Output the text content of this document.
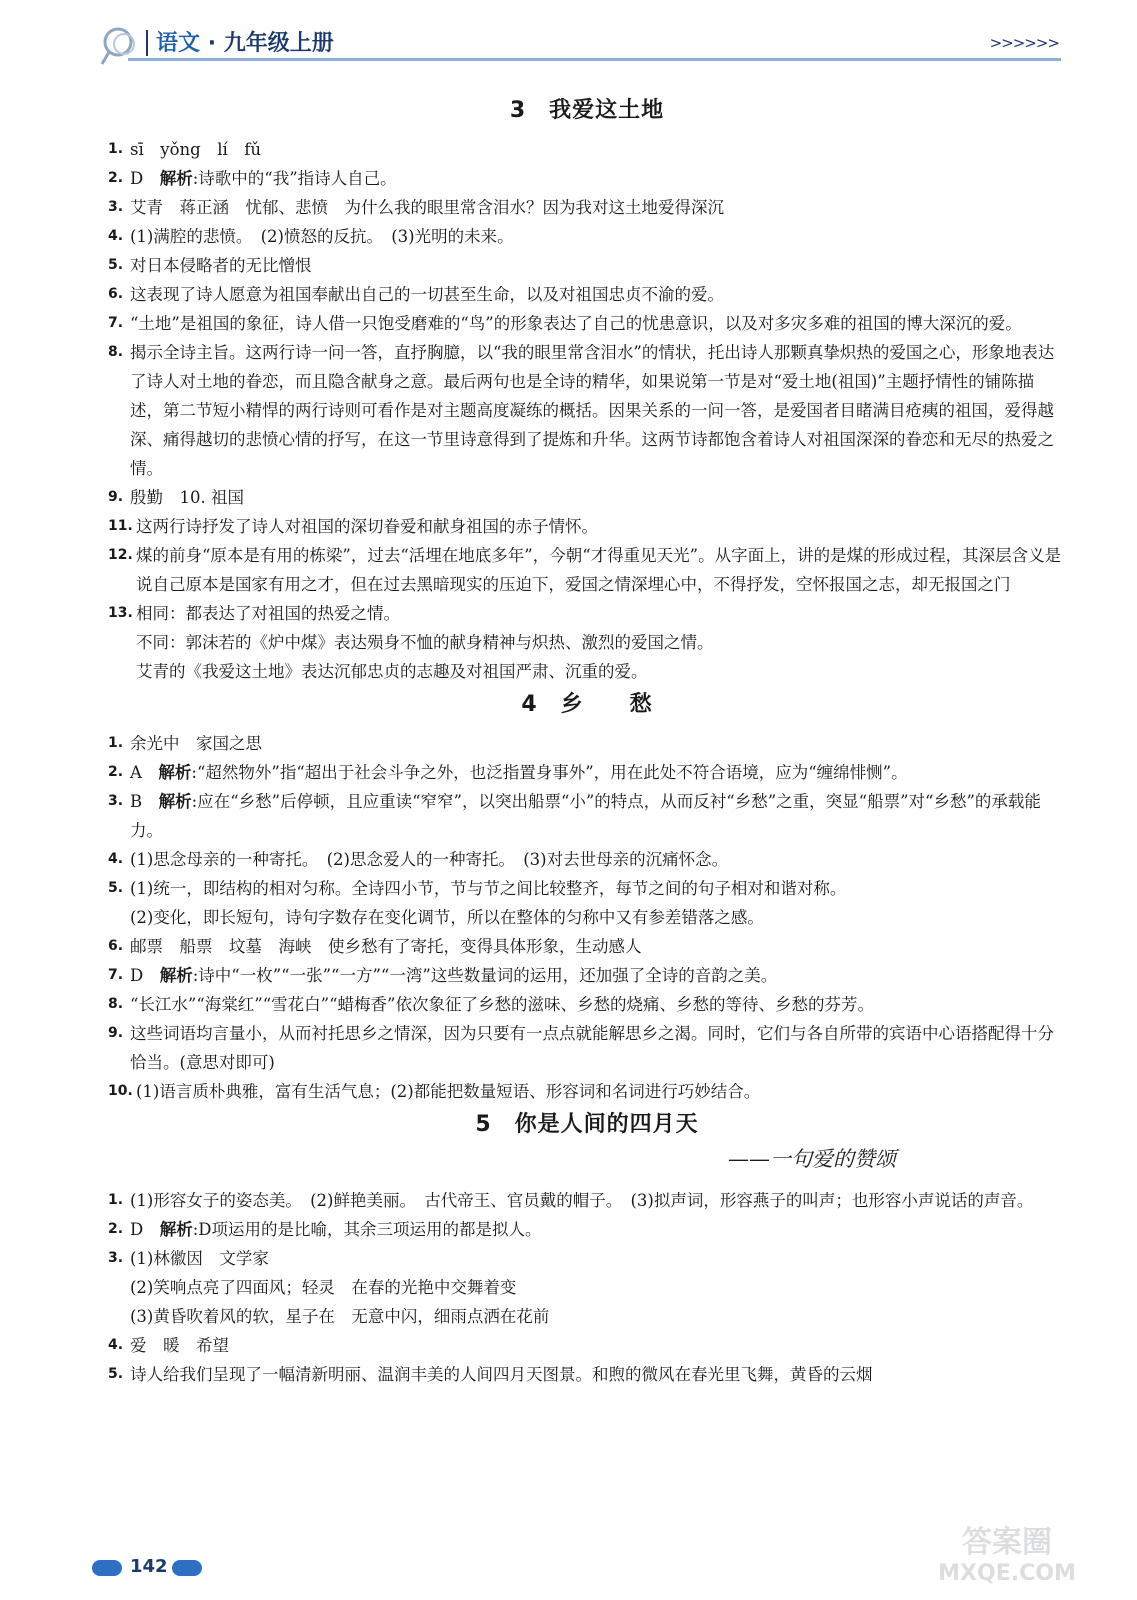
语文 · 九年级上册	>>>>>>
3　我爱这土地
1. sī　yǒng　lí　fǔ
2. D　解析:诗歌中的“我”指诗人自己。
3. 艾青　蒋正涵　忧郁、悲愤　为什么我的眼里常含泪水？因为我对这土地爱得深沉
4. (1)满腔的悲愤。　(2)愤怒的反抗。　(3)光明的未来。
5. 对日本侵略者的无比憎恨
6. 这表现了诗人愿意为祖国奉献出自己的一切甚至生命，以及对祖国忠贞不渝的爱。
7. “土地”是祖国的象征，诗人借一只饱受磨难的“鸟”的形象表达了自己的忧患意识，以及对多灾多难的祖国的博大深沉的爱。
8. 揭示全诗主旨。这两行诗一问一答，直抒胸臆，以“我的眼里常含泪水”的情状，托出诗人那颗真挚炽热的爱国之心，形象地表达了诗人对土地的眷恋，而且隐含献身之意。最后两句也是全诗的精华，如果说第一节是对“爱土地(祖国)”主题抒情性的铺陈描述，第二节短小精悍的两行诗则可看作是对主题高度凝练的概括。因果关系的一问一答，是爱国者目睹满目疮痍的祖国，爱得越深、痛得越切的悲愤心情的抒写，在这一节里诗意得到了提炼和升华。这两节诗都饱含着诗人对祖国深深的眷恋和无尽的热爱之情。
9. 殷勤　10. 祖国
11. 这两行诗抒发了诗人对祖国的深切眷爱和献身祖国的赤子情怀。
12. 煤的前身“原本是有用的栋梁”，过去“活埋在地底多年”，今朝“才得重见天光”。从字面上，讲的是煤的形成过程，其深层含义是说自己原本是国家有用之才，但在过去黑暗现实的压迫下，爱国之情深埋心中，不得抒发，空怀报国之志，却无报国之门
13. 相同：都表达了对祖国的热爱之情。
不同：郭沫若的《炉中煤》表达殒身不恤的献身精神与炽热、激烈的爱国之情。
艾青的《我爱这土地》表达沉郁忠贞的志趣及对祖国严肃、沉重的爱。
4　乡　　愁
1. 余光中　家国之思
2. A　解析:“超然物外”指“超出于社会斗争之外，也泛指置身事外”，用在此处不符合语境，应为“缠绵悱恻”。
3. B　解析:应在“乡愁”后停顿，且应重读“窄窄”，以突出船票“小”的特点，从而反衬“乡愁”之重，突显“船票”对“乡愁”的承载能力。
4. (1)思念母亲的一种寄托。　(2)思念爱人的一种寄托。　(3)对去世母亲的沉痛怀念。
5. (1)统一，即结构的相对匀称。全诗四小节，节与节之间比较整齐，每节之间的句子相对和谐对称。
(2)变化，即长短句，诗句字数存在变化调节，所以在整体的匀称中又有参差错落之感。
6. 邮票　船票　坟墓　海峡　使乡愁有了寄托，变得具体形象，生动感人
7. D　解析:诗中“一枚”“一张”“一方”“一湾”这些数量词的运用，还加强了全诗的音韵之美。
8. “长江水”“海棠红”“雪花白”“蜡梅香”依次象征了乡愁的滋味、乡愁的烧痛、乡愁的等待、乡愁的芬芳。
9. 这些词语均言量小，从而衬托思乡之情深，因为只要有一点点就能解思乡之渴。同时，它们与各自所带的宾语中心语搭配得十分恰当。(意思对即可)
10. (1)语言质朴典雅，富有生活气息；(2)都能把数量短语、形容词和名词进行巧妙结合。
5　你是人间的四月天
——一句爱的赞颂
1. (1)形容女子的姿态美。　(2)鲜艳美丽。　古代帝王、官员戴的帽子。　(3)拟声词，形容燕子的叫声；也形容小声说话的声音。
2. D　解析:D项运用的是比喻，其余三项运用的都是拟人。
3. (1)林徽因　文学家
(2)笑响点亮了四面风；轻灵　在春的光艳中交舞着变
(3)黄昏吹着风的软，星子在　无意中闪，细雨点洒在花前
4. 爱　暖　希望
5. 诗人给我们呈现了一幅清新明丽、温润丰美的人间四月天图景。和煦的微风在春光里飞舞，黄昏的云烟
142
答案圈
MXQE.COM
